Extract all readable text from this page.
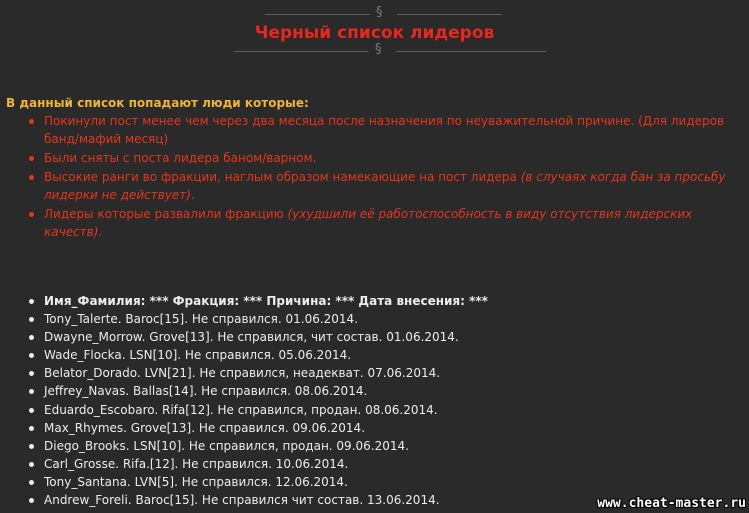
§
Черный список лидеров
§

В данный список попадают люди которые:

Покинули пост менее чем через два месяца после назначения по неуважительной причине. (Для лидеров банд/мафий месяц)
Были сняты с поста лидера баном/варном.
Высокие ранги во фракции, наглым образом намекающие на пост лидера (в случаях когда бан за просьбу лидерки не действует).
Лидеры которые развалили фракцию (ухудшили её работоспособность в виду отсутствия лидерских качеств).
Имя_Фамилия: *** Фракция: *** Причина: *** Дата внесения: ***
Tony_Talerte. Baroc[15]. Не справился. 01.06.2014.
Dwayne_Morrow. Grove[13]. Не справился, чит состав. 01.06.2014.
Wade_Flocka. LSN[10]. Не справился. 05.06.2014.
Belator_Dorado. LVN[21]. Не справился, неадекват. 07.06.2014.
Jeffrey_Navas. Ballas[14]. Не справился. 08.06.2014.
Eduardo_Escobaro. Rifa[12]. Не справился, продан. 08.06.2014.
Max_Rhymes. Grove[13]. Не справился. 09.06.2014.
Diego_Brooks. LSN[10]. Не справился, продан. 09.06.2014.
Carl_Grosse. Rifa.[12]. Не справился. 10.06.2014.
Tony_Santana. LVN[5]. Не справился. 12.06.2014.
Andrew_Foreli. Baroc[15]. Не справился чит состав. 13.06.2014.	www.cheat-master.ru
